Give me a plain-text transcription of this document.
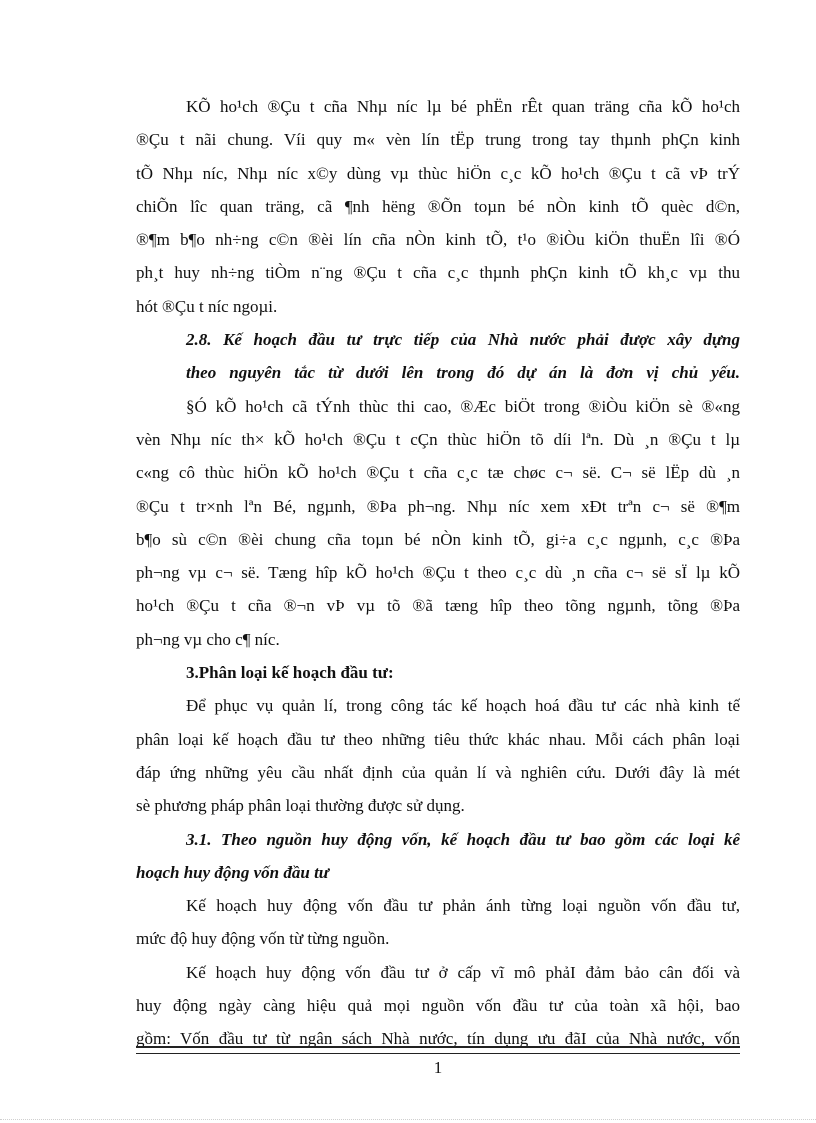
KÕ ho¹ch ®Çu t cña Nhµ níc lµ bé phËn rÊt quan träng cña kÕ ho¹ch
®Çu t nãi chung. Víi quy m« vèn lín tËp trung trong tay thµnh phÇn kinh
tÕ Nhµ níc, Nhµ níc x©y dùng vµ thùc hiÖn c¸c kÕ ho¹ch ®Çu t cã vÞ trÝ
chiÕn lîc quan träng, cã ¶nh hëng ®Õn toµn bé nÒn kinh tÕ quèc d©n,
®¶m b¶o nh÷ng c©n ®èi lín cña nÒn kinh tÕ, t¹o ®iÒu kiÖn thuËn lîi ®Ó
ph¸t huy nh÷ng tiÒm n¨ng ®Çu t cña c¸c thµnh phÇn kinh tÕ kh¸c vµ thu
hót ®Çu t níc ngoµi.
2.8. Kế hoạch đầu tư trực tiếp của Nhà nước phải được xây dựng
theo nguyên tắc từ dưới lên trong đó dự án là đơn vị chủ yếu.
§Ó kÕ ho¹ch cã tÝnh thùc thi cao, ®Æc biÖt trong ®iÒu kiÖn sè ®«ng
vèn Nhµ níc th× kÕ ho¹ch ®Çu t cÇn thùc hiÖn tõ díi lªn. Dù ¸n ®Çu t lµ
c«ng cô thùc hiÖn kÕ ho¹ch ®Çu t cña c¸c tæ chøc c¬ së. C¬ së lËp dù ¸n
®Çu t tr×nh lªn Bé, ngµnh, ®Þa ph¬ng. Nhµ níc xem xÐt trªn c¬ së ®¶m
b¶o sù c©n ®èi chung cña toµn bé nÒn kinh tÕ, gi÷a c¸c ngµnh, c¸c ®Þa
ph¬ng vµ c¬ së. Tæng hîp kÕ ho¹ch ®Çu t theo c¸c dù ¸n cña c¬ së sÏ lµ kÕ
ho¹ch ®Çu t cña ®¬n vÞ vµ tõ ®ã tæng hîp theo tõng ngµnh, tõng ®Þa
ph¬ng vµ cho c¶ níc.
3.Phân loại kế hoạch đầu tư:
Để phục vụ quản lí, trong công tác kế hoạch hoá đầu tư các nhà kinh tế
phân loại kế hoạch đầu tư theo những tiêu thức khác nhau. Mỗi cách phân loại
đáp ứng những yêu cầu nhất định của quản lí và nghiên cứu. Dưới đây là mét
sè phương pháp phân loại thường được sử dụng.
3.1. Theo nguồn huy động vốn, kế hoạch đầu tư bao gồm các loại kế
hoạch huy động vốn đầu tư
Kế hoạch huy động vốn đầu tư phản ánh từng loại nguồn vốn đầu tư,
mức độ huy động vốn từ từng nguồn.
Kế hoạch huy động vốn đầu tư ở cấp vĩ mô phảI đảm bảo cân đối và
huy động ngày càng hiệu quả mọi nguồn vốn đầu tư của toàn xã hội, bao
gồm: Vốn đầu tư từ ngân sách Nhà nước, tín dụng ưu đãI của Nhà nước, vốn
1
